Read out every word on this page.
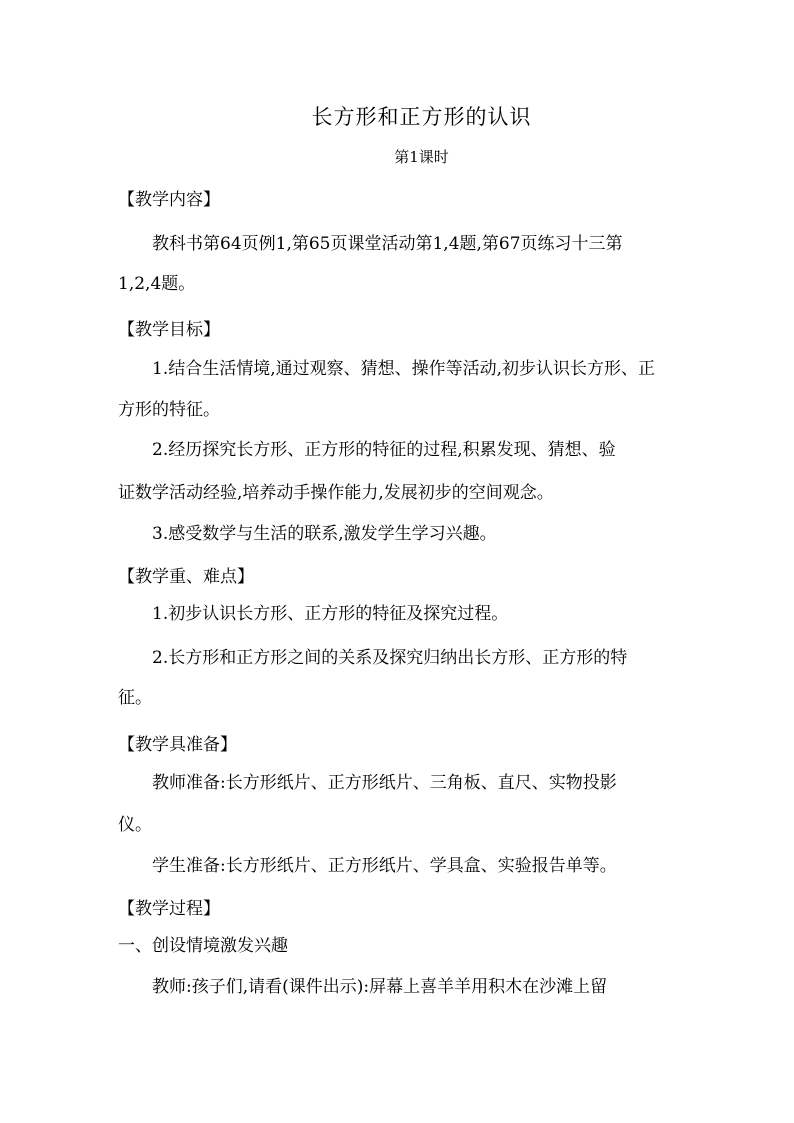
长方形和正方形的认识
第1课时
【教学内容】
教科书第64页例1,第65页课堂活动第1,4题,第67页练习十三第
1,2,4题。
【教学目标】
1.结合生活情境,通过观察、猜想、操作等活动,初步认识长方形、正
方形的特征。
2.经历探究长方形、正方形的特征的过程,积累发现、猜想、验
证数学活动经验,培养动手操作能力,发展初步的空间观念。
3.感受数学与生活的联系,激发学生学习兴趣。
【教学重、难点】
1.初步认识长方形、正方形的特征及探究过程。
2.长方形和正方形之间的关系及探究归纳出长方形、正方形的特
征。
【教学具准备】
教师准备:长方形纸片、正方形纸片、三角板、直尺、实物投影
仪。
学生准备:长方形纸片、正方形纸片、学具盒、实验报告单等。
【教学过程】
一、创设情境激发兴趣
教师:孩子们,请看(课件出示):屏幕上喜羊羊用积木在沙滩上留
